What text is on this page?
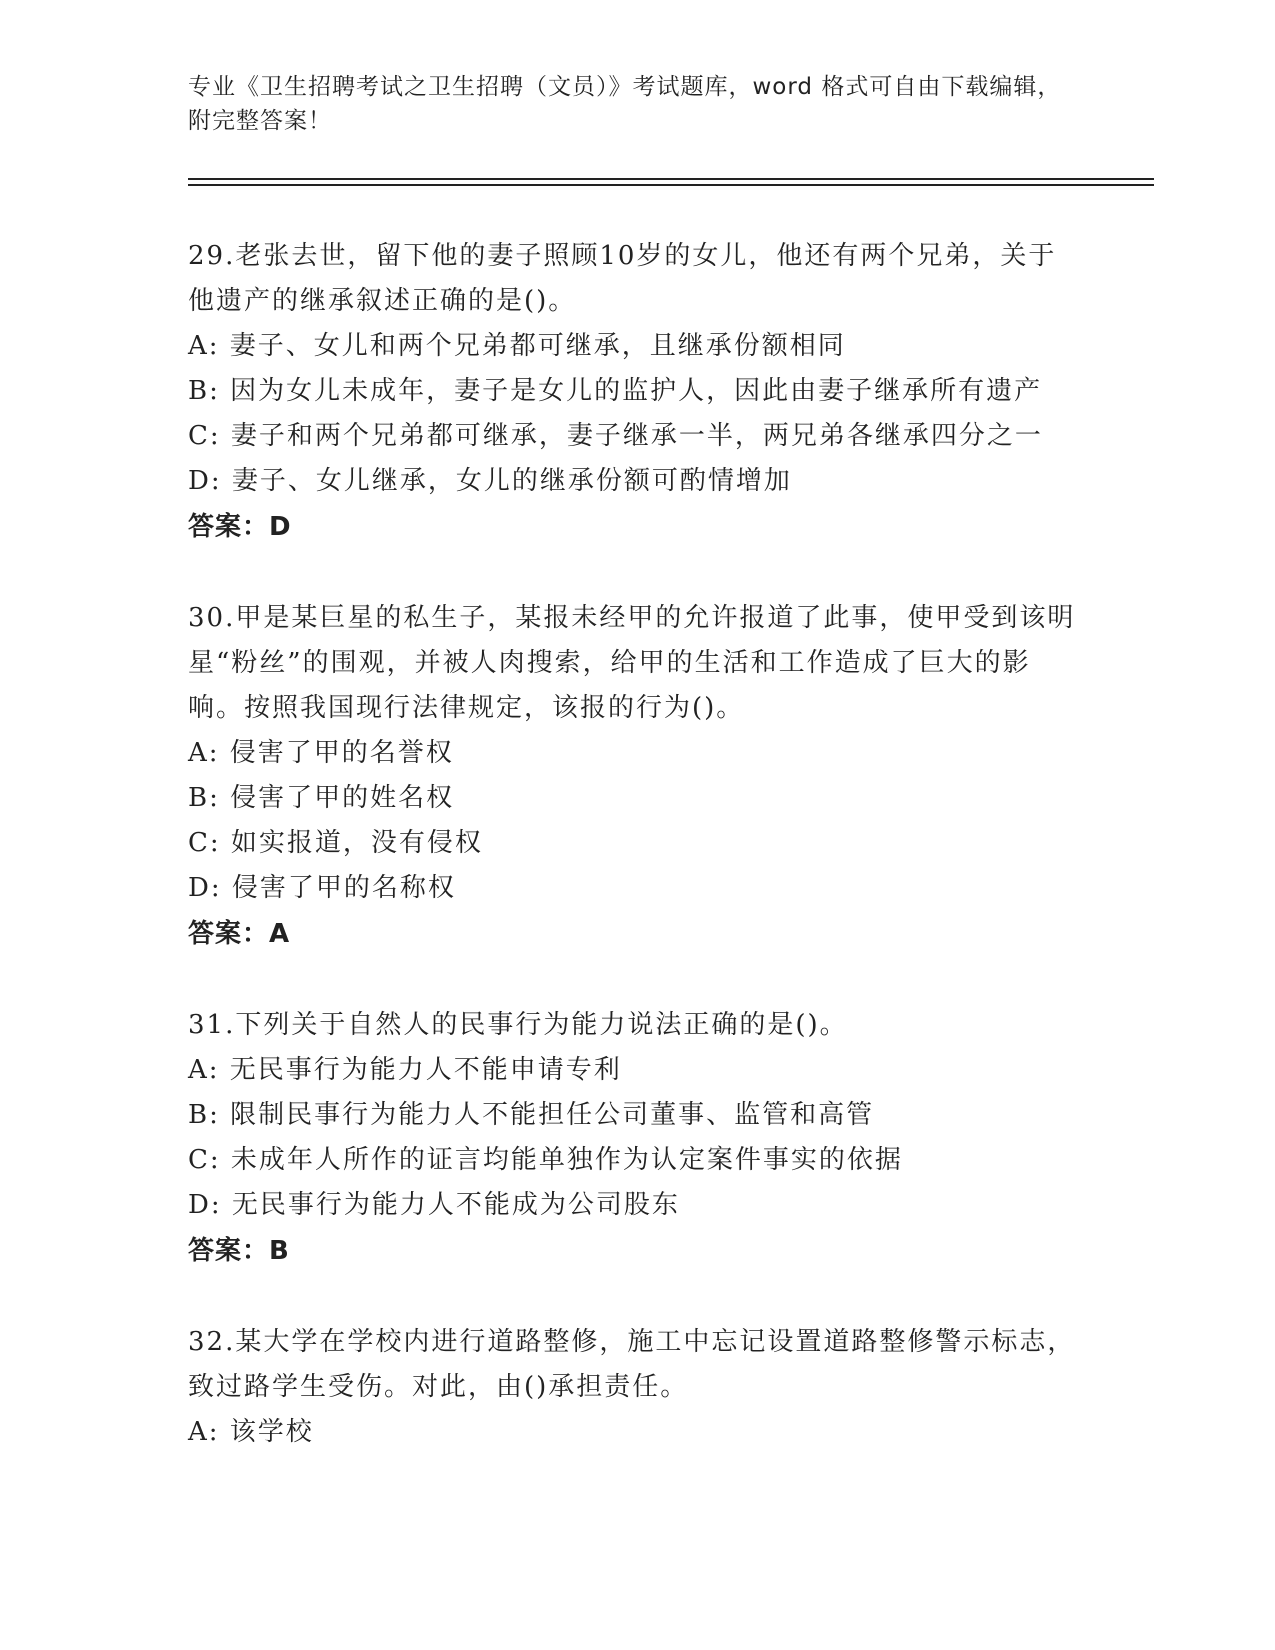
专业《卫生招聘考试之卫生招聘（文员）》考试题库，word 格式可自由下载编辑，附完整答案！

29.老张去世，留下他的妻子照顾10岁的女儿，他还有两个兄弟，关于他遗产的继承叙述正确的是()。

A: 妻子、女儿和两个兄弟都可继承，且继承份额相同

B: 因为女儿未成年，妻子是女儿的监护人，因此由妻子继承所有遗产

C: 妻子和两个兄弟都可继承，妻子继承一半，两兄弟各继承四分之一

D: 妻子、女儿继承，女儿的继承份额可酌情增加

答案：D

30.甲是某巨星的私生子，某报未经甲的允许报道了此事，使甲受到该明星“粉丝”的围观，并被人肉搜索，给甲的生活和工作造成了巨大的影响。按照我国现行法律规定，该报的行为()。

A: 侵害了甲的名誉权

B: 侵害了甲的姓名权

C: 如实报道，没有侵权

D: 侵害了甲的名称权

答案：A

31.下列关于自然人的民事行为能力说法正确的是()。

A: 无民事行为能力人不能申请专利

B: 限制民事行为能力人不能担任公司董事、监管和高管

C: 未成年人所作的证言均能单独作为认定案件事实的依据

D: 无民事行为能力人不能成为公司股东

答案：B

32.某大学在学校内进行道路整修，施工中忘记设置道路整修警示标志，致过路学生受伤。对此，由()承担责任。

A: 该学校
